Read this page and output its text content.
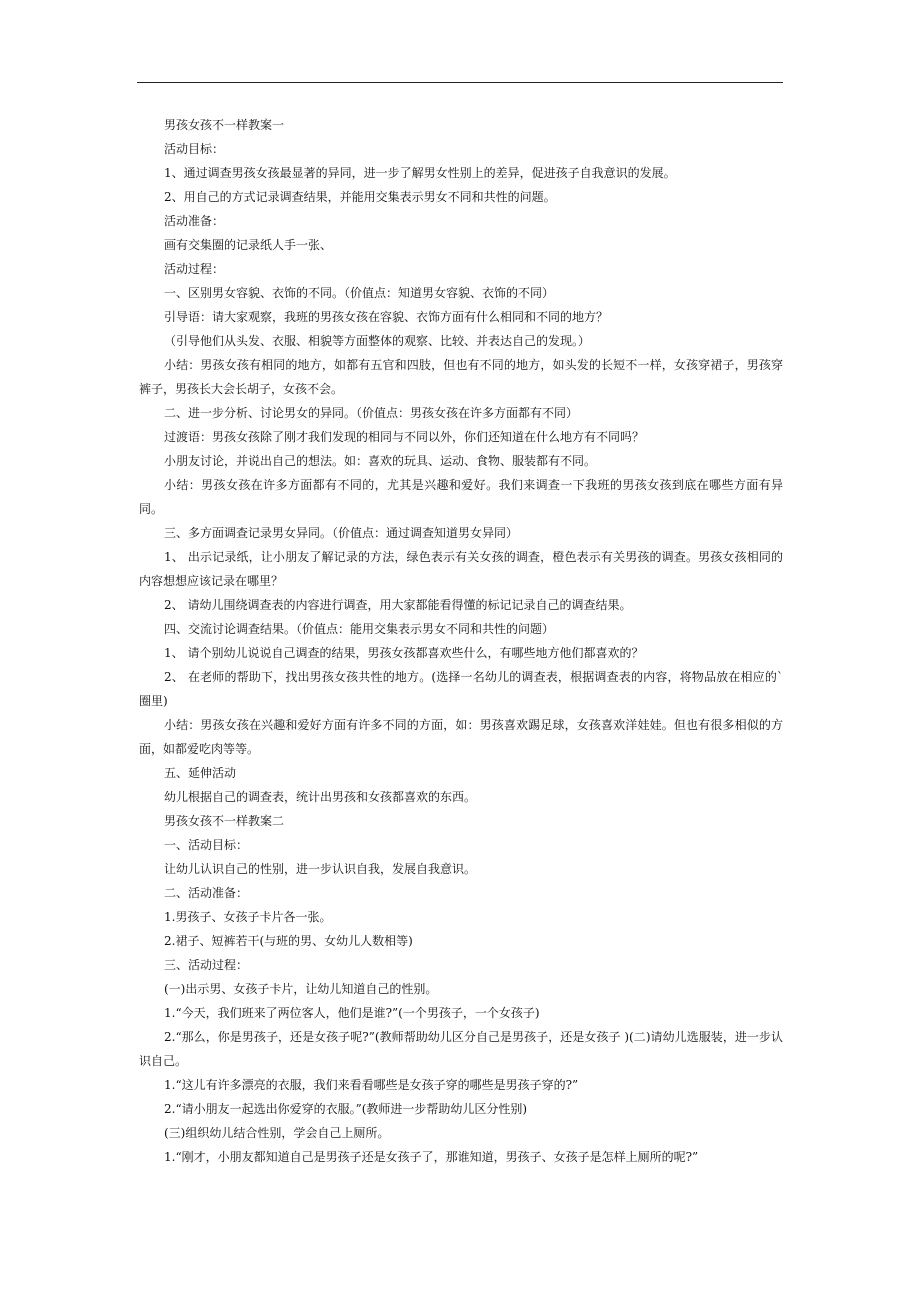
男孩女孩不一样教案一

活动目标：

1、通过调查男孩女孩最显著的异同，进一步了解男女性别上的差异，促进孩子自我意识的发展。

2、用自己的方式记录调查结果，并能用交集表示男女不同和共性的问题。

活动准备：

画有交集圈的记录纸人手一张、

活动过程：

一、区别男女容貌、衣饰的不同。（价值点：知道男女容貌、衣饰的不同）

引导语：请大家观察，我班的男孩女孩在容貌、衣饰方面有什么相同和不同的地方？

（引导他们从头发、衣服、相貌等方面整体的观察、比较、并表达自己的发现。）

小结：男孩女孩有相同的地方，如都有五官和四肢，但也有不同的地方，如头发的长短不一样，女孩穿裙子，男孩穿裤子，男孩长大会长胡子，女孩不会。

二、进一步分析、讨论男女的异同。（价值点：男孩女孩在许多方面都有不同）

过渡语：男孩女孩除了刚才我们发现的相同与不同以外，你们还知道在什么地方有不同吗？

小朋友讨论，并说出自己的想法。如：喜欢的玩具、运动、食物、服装都有不同。

小结：男孩女孩在许多方面都有不同的，尤其是兴趣和爱好。我们来调查一下我班的男孩女孩到底在哪些方面有异同。

三、多方面调查记录男女异同。（价值点：通过调查知道男女异同）

1、 出示记录纸，让小朋友了解记录的方法，绿色表示有关女孩的调查，橙色表示有关男孩的调查。男孩女孩相同的内容想想应该记录在哪里？

2、 请幼儿围绕调查表的内容进行调查，用大家都能看得懂的标记记录自己的调查结果。

四、交流讨论调查结果。（价值点：能用交集表示男女不同和共性的问题）

1、 请个别幼儿说说自己调查的结果，男孩女孩都喜欢些什么，有哪些地方他们都喜欢的？

2、 在老师的帮助下，找出男孩女孩共性的地方。(选择一名幼儿的调查表，根据调查表的内容，将物品放在相应的`圈里)

小结：男孩女孩在兴趣和爱好方面有许多不同的方面，如：男孩喜欢踢足球，女孩喜欢洋娃娃。但也有很多相似的方面，如都爱吃肉等等。

五、延伸活动

幼儿根据自己的调查表，统计出男孩和女孩都喜欢的东西。

男孩女孩不一样教案二

一、活动目标：

让幼儿认识自己的性别，进一步认识自我，发展自我意识。

二、活动准备：

1.男孩子、女孩子卡片各一张。

2.裙子、短裤若干(与班的男、女幼儿人数相等)

三、活动过程：

(一)出示男、女孩子卡片，让幼儿知道自己的性别。

1.“今天，我们班来了两位客人，他们是谁?”(一个男孩子，一个女孩子)

2.“那么，你是男孩子，还是女孩子呢?”(教师帮助幼儿区分自己是男孩子，还是女孩子 )(二)请幼儿选服装，进一步认识自己。

1.“这儿有许多漂亮的衣服，我们来看看哪些是女孩子穿的哪些是男孩子穿的?”

2.“请小朋友一起选出你爱穿的衣服。”(教师进一步帮助幼儿区分性别)

(三)组织幼儿结合性别，学会自己上厕所。

1.“刚才，小朋友都知道自己是男孩子还是女孩子了，那谁知道，男孩子、女孩子是怎样上厕所的呢?”
